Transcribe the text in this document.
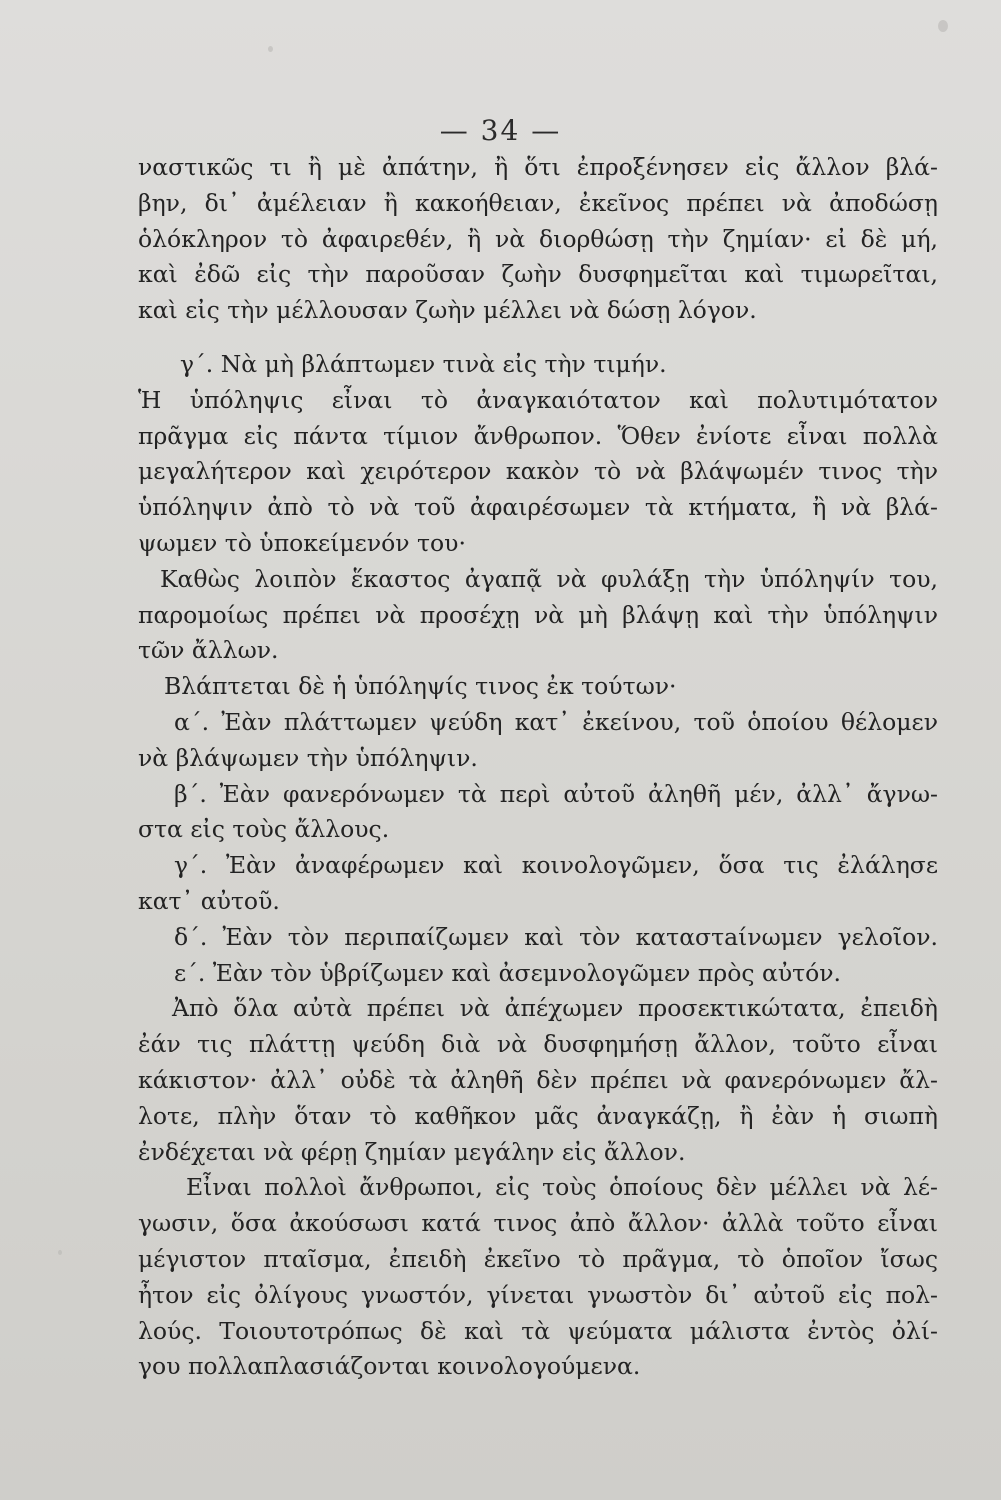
— 34 —
ναστικῶς τι ἢ μὲ ἀπάτην, ἢ ὅτι ἐπροξένησεν εἰς ἄλλον βλά-
βην, δι᾽ ἀμέλειαν ἢ κακοήθειαν, ἐκεῖνος πρέπει νὰ ἀποδώσῃ
ὁλόκληρον τὸ ἀφαιρεθέν, ἢ νὰ διορθώσῃ τὴν ζημίαν· εἰ δὲ μή,
καὶ ἐδῶ εἰς τὴν παροῦσαν ζωὴν δυσφημεῖται καὶ τιμωρεῖται,
καὶ εἰς τὴν μέλλουσαν ζωὴν μέλλει νὰ δώσῃ λόγον.
γ΄. Νὰ μὴ βλάπτωμεν τινὰ εἰς τὴν τιμήν.
Ἡ ὑπόληψις εἶναι τὸ ἀναγκαιότατον καὶ πολυτιμότατον
πρᾶγμα εἰς πάντα τίμιον ἄνθρωπον. Ὅθεν ἐνίοτε εἶναι πολλὰ
μεγαλήτερον καὶ χειρότερον κακὸν τὸ νὰ βλάψωμέν τινος τὴν
ὑπόληψιν ἀπὸ τὸ νὰ τοῦ ἀφαιρέσωμεν τὰ κτήματα, ἢ νὰ βλά-
ψωμεν τὸ ὑποκείμενόν του·
Καθὼς λοιπὸν ἕκαστος ἀγαπᾷ νὰ φυλάξῃ τὴν ὑπόληψίν του,
παρομοίως πρέπει νὰ προσέχῃ νὰ μὴ βλάψῃ καὶ τὴν ὑπόληψιν
τῶν ἄλλων.
Βλάπτεται δὲ ἡ ὑπόληψίς τινος ἐκ τούτων·
α΄. Ἐὰν πλάττωμεν ψεύδη κατ᾽ ἐκείνου, τοῦ ὁποίου θέλομεν
νὰ βλάψωμεν τὴν ὑπόληψιν.
β΄. Ἐὰν φανερόνωμεν τὰ περὶ αὐτοῦ ἀληθῆ μέν, ἀλλ᾽ ἄγνω-
στα εἰς τοὺς ἄλλους.
γ΄. Ἐὰν ἀναφέρωμεν καὶ κοινολογῶμεν, ὅσα τις ἐλάλησε
κατ᾽ αὐτοῦ.
δ΄. Ἐὰν τὸν περιπαίζωμεν καὶ τὸν καταστаίνωμεν γελοῖον.
ε΄. Ἐὰν τὸν ὑβρίζωμεν καὶ ἀσεμνολογῶμεν πρὸς αὐτόν.
Ἀπὸ ὅλα αὐτὰ πρέπει νὰ ἀπέχωμεν προσεκτικώτατα, ἐπειδὴ
ἐάν τις πλάττῃ ψεύδη διὰ νὰ δυσφημήσῃ ἄλλον, τοῦτο εἶναι
κάκιστον· ἀλλ᾽ οὐδὲ τὰ ἀληθῆ δὲν πρέπει νὰ φανερόνωμεν ἄλ-
λοτε, πλὴν ὅταν τὸ καθῆκον μᾶς ἀναγκάζῃ, ἢ ἐὰν ἡ σιωπὴ
ἐνδέχεται νὰ φέρῃ ζημίαν μεγάλην εἰς ἄλλον.
Εἶναι πολλοὶ ἄνθρωποι, εἰς τοὺς ὁποίους δὲν μέλλει νὰ λέ-
γωσιν, ὅσα ἀκούσωσι κατά τινος ἀπὸ ἄλλον· ἀλλὰ τοῦτο εἶναι
μέγιστον πταῖσμα, ἐπειδὴ ἐκεῖνο τὸ πρᾶγμα, τὸ ὁποῖον ἴσως
ἦτον εἰς ὀλίγους γνωστόν, γίνεται γνωστὸν δι᾽ αὐτοῦ εἰς πολ-
λούς. Τοιουτοτρόπως δὲ καὶ τὰ ψεύματα μάλιστα ἐντὸς ὀλί-
γου πολλαπλασιάζονται κοινολογούμενα.
